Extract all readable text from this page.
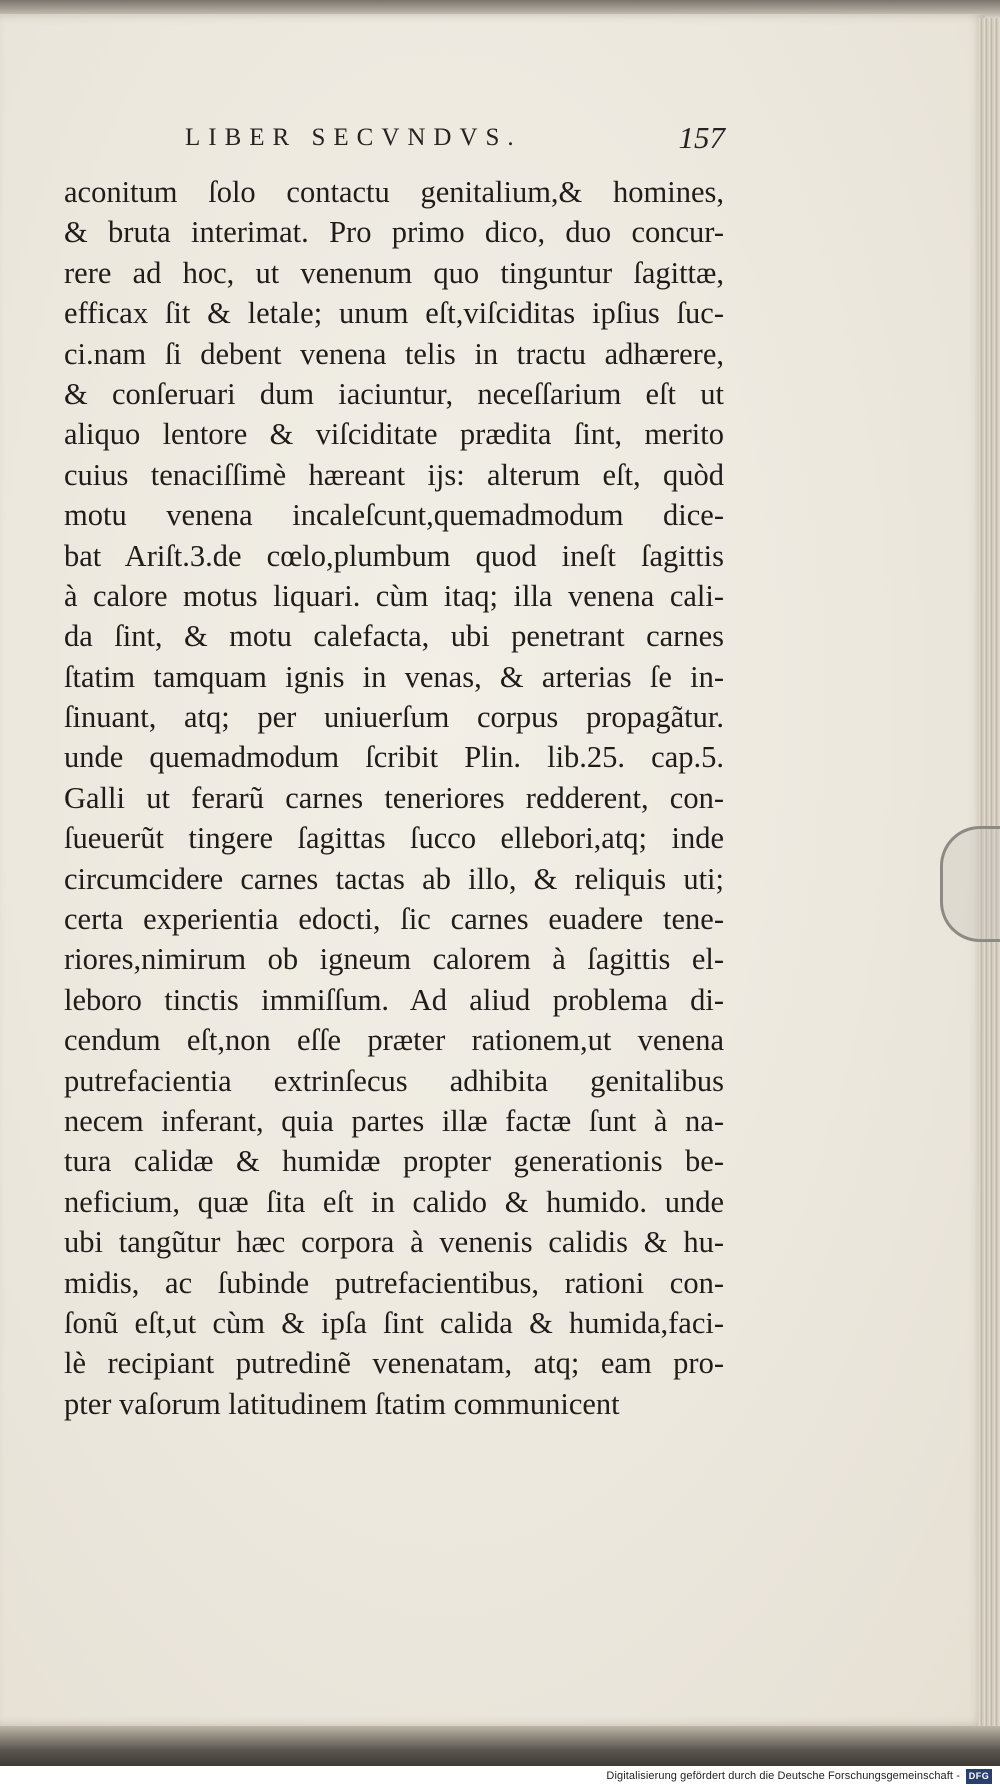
LIBER SECVNDVS.	157
aconitum ſolo contactu genitalium,& homines,
& bruta interimat. Pro primo dico, duo concur-
rere ad hoc, ut venenum quo tinguntur ſagittæ,
efficax ſit & letale; unum eſt,viſciditas ipſius ſuc-
ci.nam ſi debent venena telis in tractu adhærere,
& conſeruari dum iaciuntur, neceſſarium eſt ut
aliquo lentore & viſciditate prædita ſint, merito
cuius tenaciſſimè hæreant ijs: alterum eſt, quòd
motu venena incaleſcunt,quemadmodum dice-
bat Ariſt.3.de cœlo,plumbum quod ineſt ſagittis
à calore motus liquari. cùm itaq; illa venena cali-
da ſint, & motu calefacta, ubi penetrant carnes
ſtatim tamquam ignis in venas, & arterias ſe in-
ſinuant, atq; per uniuerſum corpus propagãtur.
unde quemadmodum ſcribit Plin. lib.25. cap.5.
Galli ut ferarũ carnes teneriores redderent, con-
ſueuerũt tingere ſagittas ſucco ellebori,atq; inde
circumcidere carnes tactas ab illo, & reliquis uti;
certa experientia edocti, ſic carnes euadere tene-
riores,nimirum ob igneum calorem à ſagittis el-
leboro tinctis immiſſum. Ad aliud problema di-
cendum eſt,non eſſe præter rationem,ut venena
putrefacientia extrinſecus adhibita genitalibus
necem inferant, quia partes illæ factæ ſunt à na-
tura calidæ & humidæ propter generationis be-
neficium, quæ ſita eſt in calido & humido. unde
ubi tangũtur hæc corpora à venenis calidis & hu-
midis, ac ſubinde putrefacientibus, rationi con-
ſonũ eſt,ut cùm & ipſa ſint calida & humida,faci-
lè recipiant putredinẽ venenatam, atq; eam pro-
pter vaſorum latitudinem ſtatim communicent
Digitalisierung gefördert durch die Deutsche Forschungsgemeinschaft - DFG
